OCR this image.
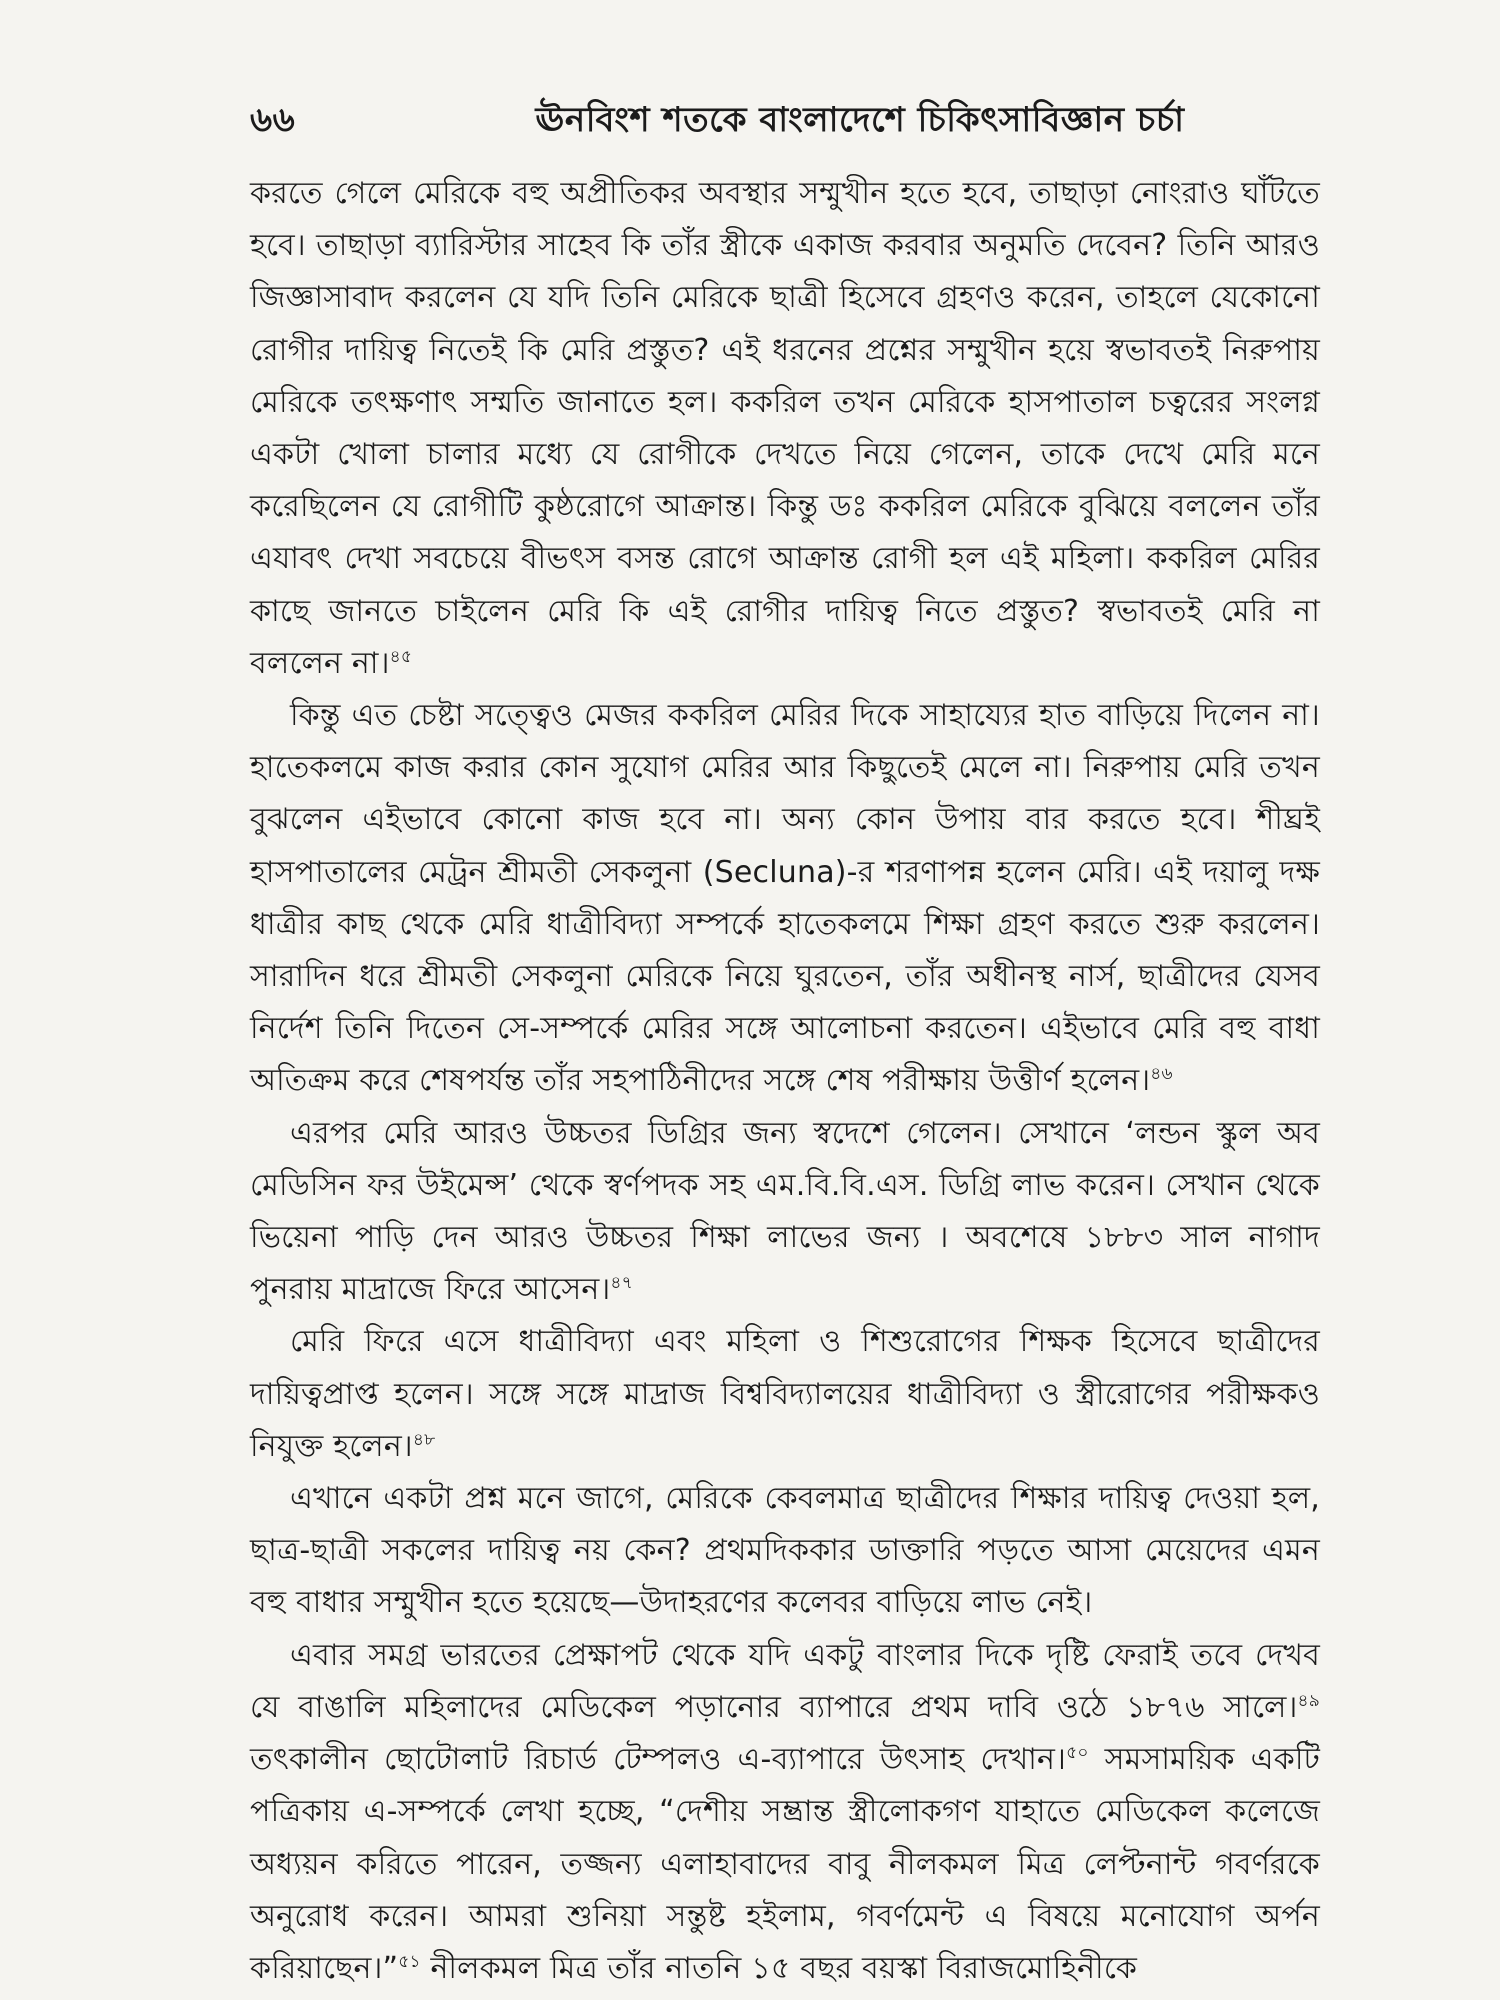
৬৬	ঊনবিংশ শতকে বাংলাদেশে চিকিৎসাবিজ্ঞান চর্চা

করতে গেলে মেরিকে বহু অপ্রীতিকর অবস্থার সম্মুখীন হতে হবে, তাছাড়া নোংরাও ঘাঁটতে হবে। তাছাড়া ব্যারিস্টার সাহেব কি তাঁর স্ত্রীকে একাজ করবার অনুমতি দেবেন? তিনি আরও জিজ্ঞাসাবাদ করলেন যে যদি তিনি মেরিকে ছাত্রী হিসেবে গ্রহণও করেন, তাহলে যেকোনো রোগীর দায়িত্ব নিতেই কি মেরি প্রস্তুত? এই ধরনের প্রশ্নের সম্মুখীন হয়ে স্বভাবতই নিরুপায় মেরিকে তৎক্ষণাৎ সম্মতি জানাতে হল। ককরিল তখন মেরিকে হাসপাতাল চত্বরের সংলগ্ন একটা খোলা চালার মধ্যে যে রোগীকে দেখতে নিয়ে গেলেন, তাকে দেখে মেরি মনে করেছিলেন যে রোগীটি কুষ্ঠরোগে আক্রান্ত। কিন্তু ডঃ ককরিল মেরিকে বুঝিয়ে বললেন তাঁর এযাবৎ দেখা সবচেয়ে বীভৎস বসন্ত রোগে আক্রান্ত রোগী হল এই মহিলা। ককরিল মেরির কাছে জানতে চাইলেন মেরি কি এই রোগীর দায়িত্ব নিতে প্রস্তুত? স্বভাবতই মেরি না বললেন না।$^{৪৫}$

কিন্তু এত চেষ্টা সত্ত্বেও মেজর ককরিল মেরির দিকে সাহায্যের হাত বাড়িয়ে দিলেন না। হাতেকলমে কাজ করার কোন সুযোগ মেরির আর কিছুতেই মেলে না। নিরুপায় মেরি তখন বুঝলেন এইভাবে কোনো কাজ হবে না। অন্য কোন উপায় বার করতে হবে। শীঘ্রই হাসপাতালের মেট্রন শ্রীমতী সেকলুনা (Secluna)-র শরণাপন্ন হলেন মেরি। এই দয়ালু দক্ষ ধাত্রীর কাছ থেকে মেরি ধাত্রীবিদ্যা সম্পর্কে হাতেকলমে শিক্ষা গ্রহণ করতে শুরু করলেন। সারাদিন ধরে শ্রীমতী সেকলুনা মেরিকে নিয়ে ঘুরতেন, তাঁর অধীনস্থ নার্স, ছাত্রীদের যেসব নির্দেশ তিনি দিতেন সে-সম্পর্কে মেরির সঙ্গে আলোচনা করতেন। এইভাবে মেরি বহু বাধা অতিক্রম করে শেষপর্যন্ত তাঁর সহপাঠিনীদের সঙ্গে শেষ পরীক্ষায় উত্তীর্ণ হলেন।$^{৪৬}$

এরপর মেরি আরও উচ্চতর ডিগ্রির জন্য স্বদেশে গেলেন। সেখানে ‘লন্ডন স্কুল অব মেডিসিন ফর উইমেন্স’ থেকে স্বর্ণপদক সহ এম.বি.বি.এস. ডিগ্রি লাভ করেন। সেখান থেকে ভিয়েনা পাড়ি দেন আরও উচ্চতর শিক্ষা লাভের জন্য । অবশেষে ১৮৮৩ সাল নাগাদ পুনরায় মাদ্রাজে ফিরে আসেন।$^{৪৭}$

মেরি ফিরে এসে ধাত্রীবিদ্যা এবং মহিলা ও শিশুরোগের শিক্ষক হিসেবে ছাত্রীদের দায়িত্বপ্রাপ্ত হলেন। সঙ্গে সঙ্গে মাদ্রাজ বিশ্ববিদ্যালয়ের ধাত্রীবিদ্যা ও স্ত্রীরোগের পরীক্ষকও নিযুক্ত হলেন।$^{৪৮}$

এখানে একটা প্রশ্ন মনে জাগে, মেরিকে কেবলমাত্র ছাত্রীদের শিক্ষার দায়িত্ব দেওয়া হল, ছাত্র-ছাত্রী সকলের দায়িত্ব নয় কেন? প্রথমদিককার ডাক্তারি পড়তে আসা মেয়েদের এমন বহু বাধার সম্মুখীন হতে হয়েছে—উদাহরণের কলেবর বাড়িয়ে লাভ নেই।

এবার সমগ্র ভারতের প্রেক্ষাপট থেকে যদি একটু বাংলার দিকে দৃষ্টি ফেরাই তবে দেখব যে বাঙালি মহিলাদের মেডিকেল পড়ানোর ব্যাপারে প্রথম দাবি ওঠে ১৮৭৬ সালে।$^{৪৯}$ তৎকালীন ছোটোলাট রিচার্ড টেম্পলও এ-ব্যাপারে উৎসাহ দেখান।$^{৫০}$ সমসাময়িক একটি পত্রিকায় এ-সম্পর্কে লেখা হচ্ছে, “দেশীয় সম্ভ্রান্ত স্ত্রীলোকগণ যাহাতে মেডিকেল কলেজে অধ্যয়ন করিতে পারেন, তজ্জন্য এলাহাবাদের বাবু নীলকমল মিত্র লেপ্টনান্ট গবর্ণরকে অনুরোধ করেন। আমরা শুনিয়া সন্তুষ্ট হইলাম, গবর্ণমেন্ট এ বিষয়ে মনোযোগ অর্পন করিয়াছেন।”$^{৫১}$ নীলকমল মিত্র তাঁর নাতনি ১৫ বছর বয়স্কা বিরাজমোহিনীকে
